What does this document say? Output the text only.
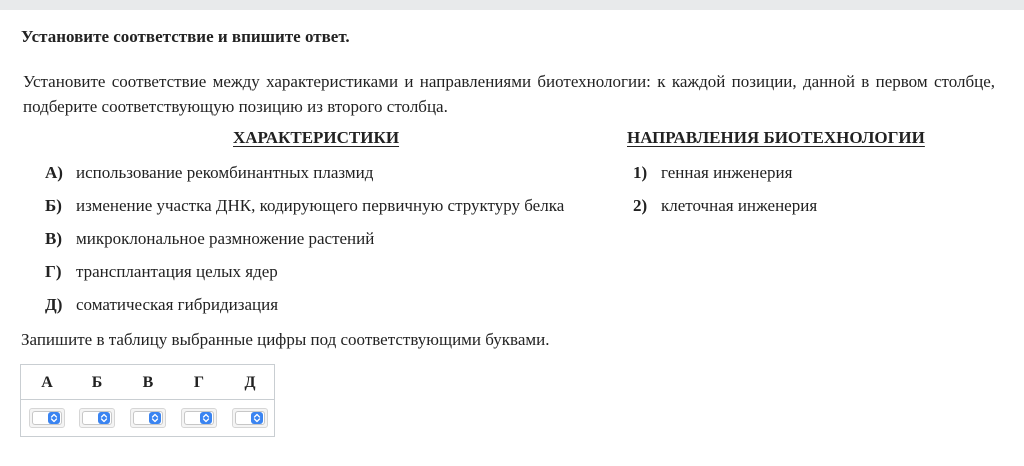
Установите соответствие и впишите ответ.
Установите соответствие между характеристиками и направлениями биотехнологии: к каждой позиции, данной в первом столбце, подберите соответствующую позицию из второго столбца.
ХАРАКТЕРИСТИКИ	НАПРАВЛЕНИЯ БИОТЕХНОЛОГИИ
А) использование рекомбинантных плазмид
Б) изменение участка ДНК, кодирующего первичную структуру белка
В) микроклональное размножение растений
Г) трансплантация целых ядер
Д) соматическая гибридизация
1) генная инженерия
2) клеточная инженерия
Запишите в таблицу выбранные цифры под соответствующими буквами.
А Б	В	Г	Д
